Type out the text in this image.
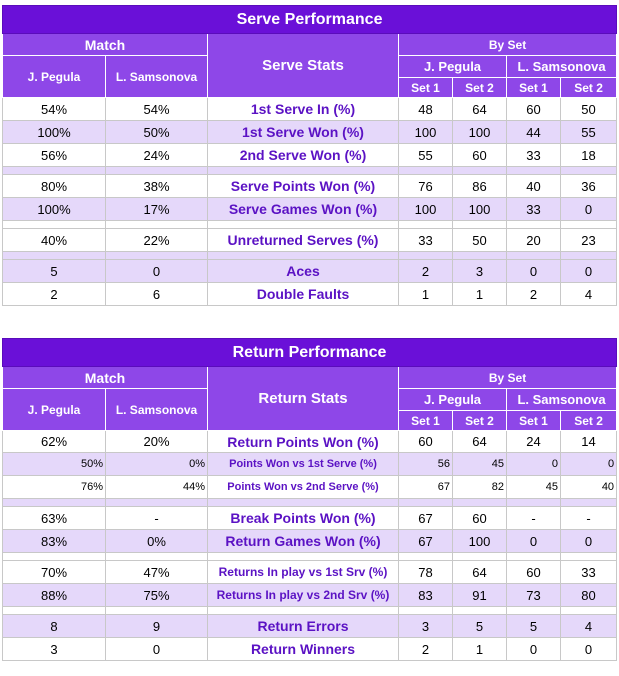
Serve Performance						
Match		Serve Stats	By Set			
J. Pegula	L. Samsonova		J. Pegula		L. Samsonova	
			Set 1	Set 2	Set 1	Set 2
54%	54%	1st Serve In (%)	48	64	60	50
100%	50%	1st Serve Won (%)	100	100	44	55
56%	24%	2nd Serve Won (%)	55	60	33	18

80%	38%	Serve Points Won (%)	76	86	40	36
100%	17%	Serve Games Won (%)	100	100	33	0

40%	22%	Unreturned Serves (%)	33	50	20	23

5	0	Aces	2	3	0	0
2	6	Double Faults	1	1	2	4
Return Performance						
Match		Return Stats	By Set			
J. Pegula	L. Samsonova		J. Pegula		L. Samsonova	
			Set 1	Set 2	Set 1	Set 2
62%	20%	Return Points Won (%)	60	64	24	14
50%	0%	Points Won vs 1st Serve (%)	56	45	0	0
76%	44%	Points Won vs 2nd Serve (%)	67	82	45	40

63%	-	Break Points Won (%)	67	60	-	-
83%	0%	Return Games Won (%)	67	100	0	0

70%	47%	Returns In play vs 1st Srv (%)	78	64	60	33
88%	75%	Returns In play vs 2nd Srv (%)	83	91	73	80

8	9	Return Errors	3	5	5	4
3	0	Return Winners	2	1	0	0
